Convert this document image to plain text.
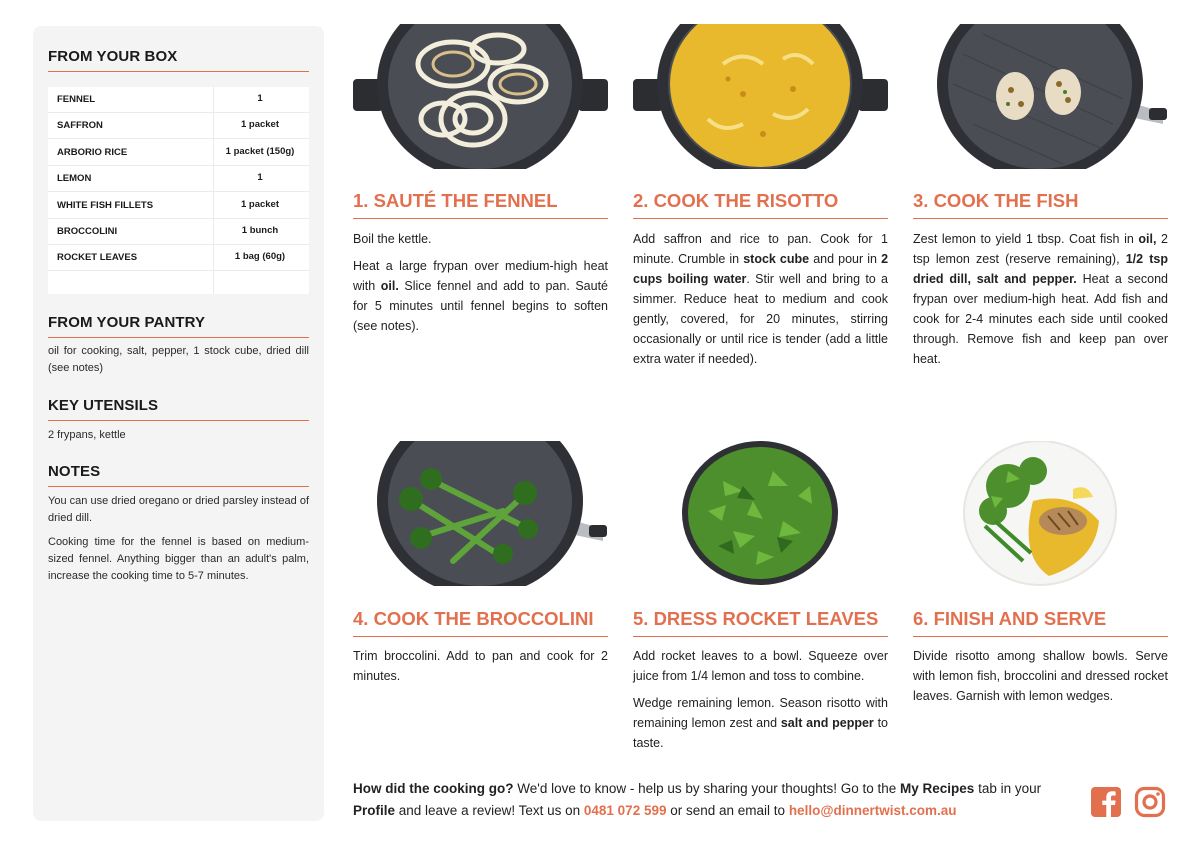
FROM YOUR BOX
FENNEL	1
SAFFRON	1 packet
ARBORIO RICE	1 packet (150g)
LEMON	1
WHITE FISH FILLETS	1 packet
BROCCOLINI	1 bunch
ROCKET LEAVES	1 bag (60g)
FROM YOUR PANTRY
oil for cooking, salt, pepper, 1 stock cube, dried dill (see notes)
KEY UTENSILS
2 frypans, kettle
NOTES
You can use dried oregano or dried parsley instead of dried dill.
Cooking time for the fennel is based on medium-sized fennel. Anything bigger than an adult's palm, increase the cooking time to 5-7 minutes.
1. SAUTÉ THE FENNEL

Boil the kettle.

Heat a large frypan over medium-high heat with oil. Slice fennel and add to pan. Sauté for 5 minutes until fennel begins to soften (see notes).

2. COOK THE RISOTTO

Add saffron and rice to pan. Cook for 1 minute. Crumble in stock cube and pour in 2 cups boiling water. Stir well and bring to a simmer. Reduce heat to medium and cook gently, covered, for 20 minutes, stirring occasionally or until rice is tender (add a little extra water if needed).

3. COOK THE FISH

Zest lemon to yield 1 tbsp. Coat fish in oil, 2 tsp lemon zest (reserve remaining), 1/2 tsp dried dill, salt and pepper. Heat a second frypan over medium-high heat. Add fish and cook for 2-4 minutes each side until cooked through. Remove fish and keep pan over heat.

4. COOK THE BROCCOLINI

Trim broccolini. Add to pan and cook for 2 minutes.

5. DRESS ROCKET LEAVES

Add rocket leaves to a bowl. Squeeze over juice from 1/4 lemon and toss to combine.

Wedge remaining lemon. Season risotto with remaining lemon zest and salt and pepper to taste.

6. FINISH AND SERVE

Divide risotto among shallow bowls. Serve with lemon fish, broccolini and dressed rocket leaves. Garnish with lemon wedges.

How did the cooking go? We'd love to know - help us by sharing your thoughts! Go to the My Recipes tab in your Profile and leave a review! Text us on 0481 072 599 or send an email to hello@dinnertwist.com.au
